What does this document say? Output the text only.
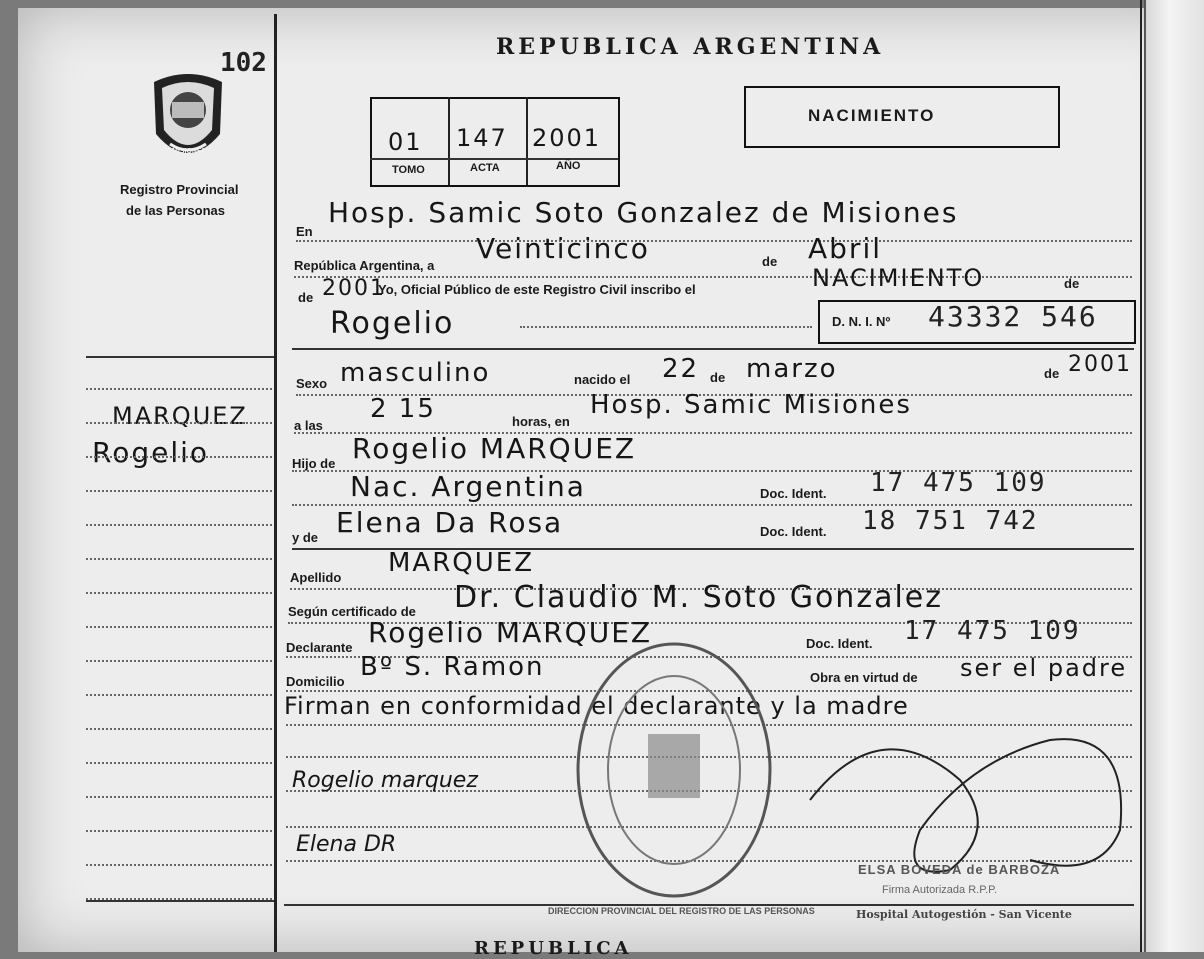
102
MISIONES
Registro Provincial
de las Personas
REPUBLICA ARGENTINA
01 147 2001
TOMO	ACTA	AÑO
NACIMIENTO
En
Hosp. Samic Soto Gonzalez de Misiones
República Argentina, a
Veinticinco	de Abril
de 2001
Yo, Oficial Público de este Registro Civil inscribo el	NACIMIENTO	de
Rogelio	D. N. I. Nº 43332 546
Sexo masculino	nacido el 22 de marzo	de 2001
a las
2 15	horas, en
Hosp. Samic Misiones
Hijo de Rogelio MARQUEZ
Nac. Argentina	Doc. Ident. 17 475 109
y de Elena Da Rosa	Doc. Ident. 18 751 742
Apellido MARQUEZ
Según certificado de Dr. Claudio M. Soto Gonzalez
Declarante Rogelio MARQUEZ	Doc. Ident. 17 475 109
Domicilio Bº S. Ramon	Obra en virtud de ser el padre
Firman en conformidad el declarante y la madre
Rogelio marquez
Elena DR
DIRECCION PROVINCIAL DEL REGISTRO DE LAS PERSONAS
ELSA BOVEDA de BARBOZA
Firma Autorizada R.P.P.
Hospital Autogestión - San Vicente
MARQUEZ
Rogelio
REPUBLICA
